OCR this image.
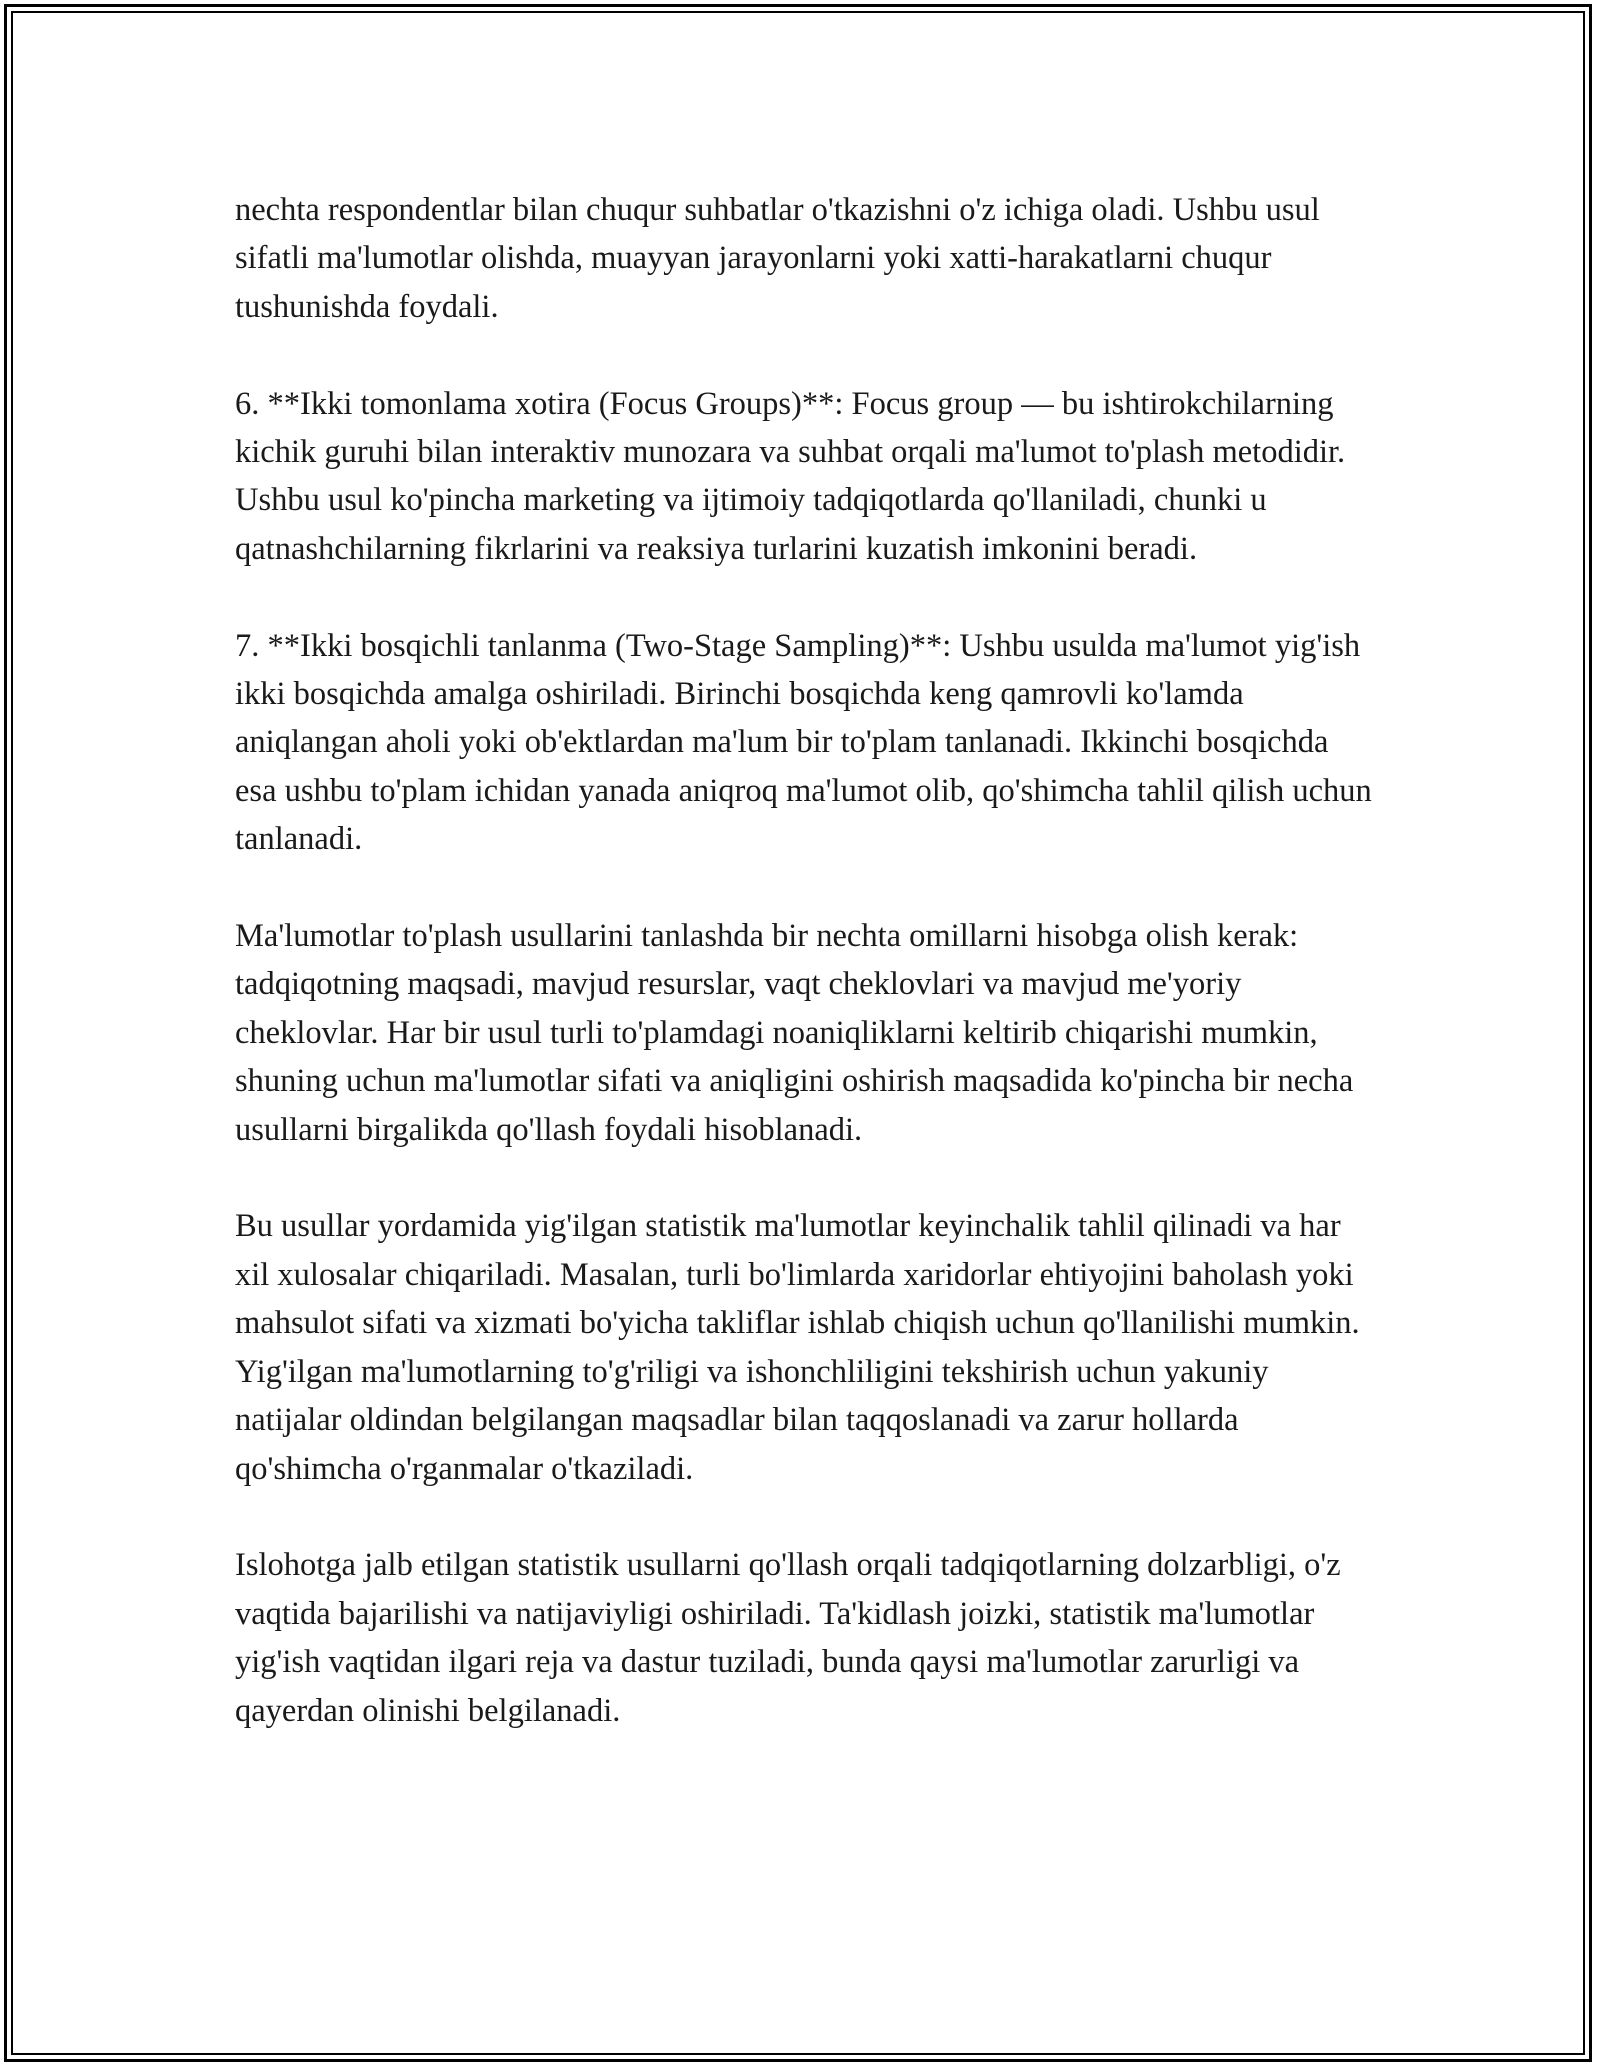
nechta respondentlar bilan chuqur suhbatlar o'tkazishni o'z ichiga oladi. Ushbu usul sifatli ma'lumotlar olishda, muayyan jarayonlarni yoki xatti-harakatlarni chuqur tushunishda foydali.

6. **Ikki tomonlama xotira (Focus Groups)**: Focus group — bu ishtirokchilarning kichik guruhi bilan interaktiv munozara va suhbat orqali ma'lumot to'plash metodidir. Ushbu usul ko'pincha marketing va ijtimoiy tadqiqotlarda qo'llaniladi, chunki u qatnashchilarning fikrlarini va reaksiya turlarini kuzatish imkonini beradi.

7. **Ikki bosqichli tanlanma (Two-Stage Sampling)**: Ushbu usulda ma'lumot yig'ish ikki bosqichda amalga oshiriladi. Birinchi bosqichda keng qamrovli ko'lamda aniqlangan aholi yoki ob'ektlardan ma'lum bir to'plam tanlanadi. Ikkinchi bosqichda esa ushbu to'plam ichidan yanada aniqroq ma'lumot olib, qo'shimcha tahlil qilish uchun tanlanadi.

Ma'lumotlar to'plash usullarini tanlashda bir nechta omillarni hisobga olish kerak: tadqiqotning maqsadi, mavjud resurslar, vaqt cheklovlari va mavjud me'yoriy cheklovlar. Har bir usul turli to'plamdagi noaniqliklarni keltirib chiqarishi mumkin, shuning uchun ma'lumotlar sifati va aniqligini oshirish maqsadida ko'pincha bir necha usullarni birgalikda qo'llash foydali hisoblanadi.

Bu usullar yordamida yig'ilgan statistik ma'lumotlar keyinchalik tahlil qilinadi va har xil xulosalar chiqariladi. Masalan, turli bo'limlarda xaridorlar ehtiyojini baholash yoki mahsulot sifati va xizmati bo'yicha takliflar ishlab chiqish uchun qo'llanilishi mumkin. Yig'ilgan ma'lumotlarning to'g'riligi va ishonchliligini tekshirish uchun yakuniy natijalar oldindan belgilangan maqsadlar bilan taqqoslanadi va zarur hollarda qo'shimcha o'rganmalar o'tkaziladi.

Islohotga jalb etilgan statistik usullarni qo'llash orqali tadqiqotlarning dolzarbligi, o'z vaqtida bajarilishi va natijaviyligi oshiriladi. Ta'kidlash joizki, statistik ma'lumotlar yig'ish vaqtidan ilgari reja va dastur tuziladi, bunda qaysi ma'lumotlar zarurligi va qayerdan olinishi belgilanadi.
